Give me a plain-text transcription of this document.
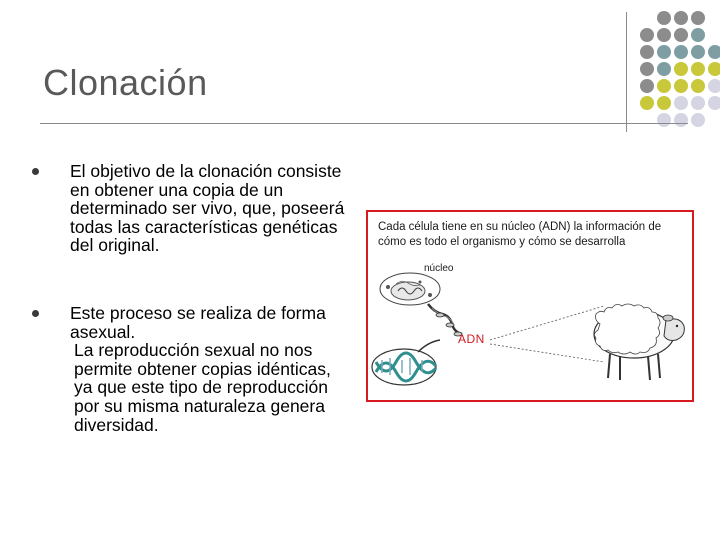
Clonación
El objetivo de la clonación consiste en obtener una copia de un determinado ser vivo, que, poseerá todas las características genéticas del original.
Este proceso se realiza de forma asexual.
La reproducción sexual no nos permite obtener copias idénticas, ya que este tipo de reproducción por su misma naturaleza genera diversidad.
Cada célula tiene en su núcleo (ADN) la información de cómo es todo el organismo y cómo se desarrolla
núcleo
ADN
